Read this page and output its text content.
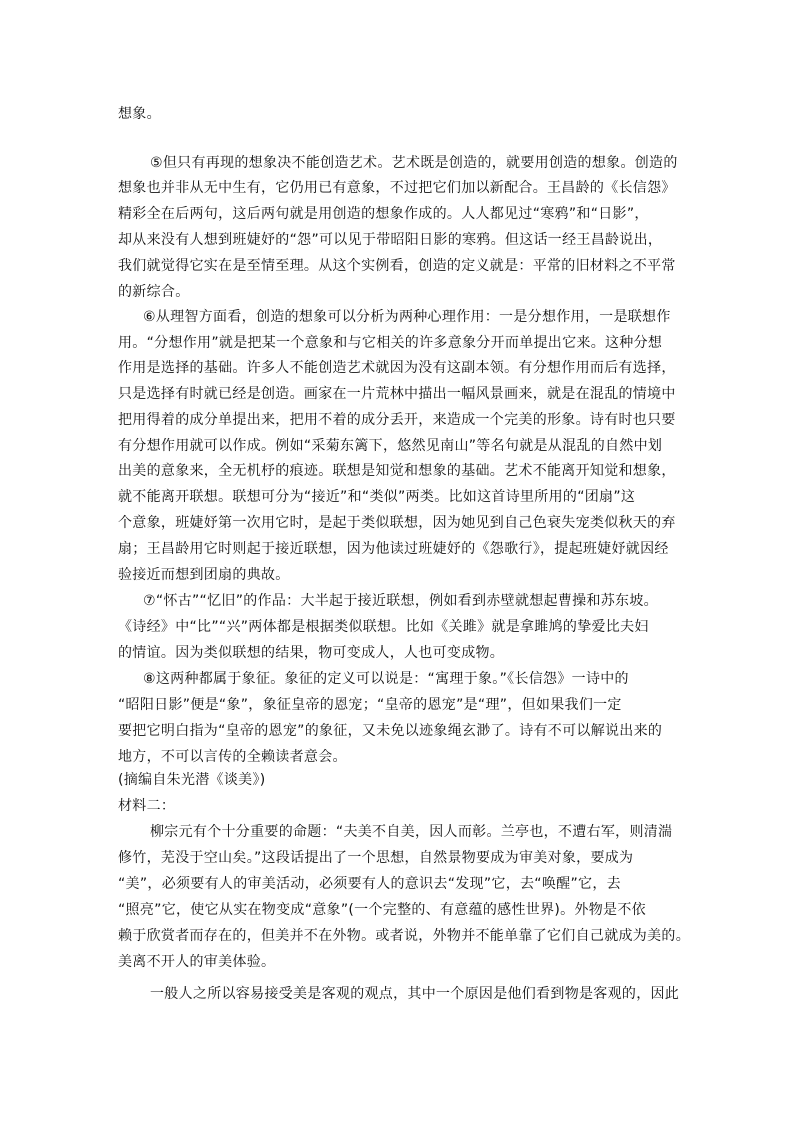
想象。
⑤但只有再现的想象决不能创造艺术。艺术既是创造的，就要用创造的想象。创造的
想象也并非从无中生有，它仍用已有意象，不过把它们加以新配合。王昌龄的《长信怨》
精彩全在后两句，这后两句就是用创造的想象作成的。人人都见过“寒鸦”和“日影”，
却从来没有人想到班婕妤的“怨”可以见于带昭阳日影的寒鸦。但这话一经王昌龄说出，
我们就觉得它实在是至情至理。从这个实例看，创造的定义就是：平常的旧材料之不平常
的新综合。
⑥从理智方面看，创造的想象可以分析为两种心理作用：一是分想作用，一是联想作
用。“分想作用”就是把某一个意象和与它相关的许多意象分开而单提出它来。这种分想
作用是选择的基础。许多人不能创造艺术就因为没有这副本领。有分想作用而后有选择，
只是选择有时就已经是创造。画家在一片荒林中描出一幅风景画来，就是在混乱的情境中
把用得着的成分单提出来，把用不着的成分丢开，来造成一个完美的形象。诗有时也只要
有分想作用就可以作成。例如“采菊东篱下，悠然见南山”等名句就是从混乱的自然中划
出美的意象来，全无机杼的痕迹。联想是知觉和想象的基础。艺术不能离开知觉和想象，
就不能离开联想。联想可分为“接近”和“类似”两类。比如这首诗里所用的“团扇”这
个意象，班婕妤第一次用它时，是起于类似联想，因为她见到自己色衰失宠类似秋天的弃
扇；王昌龄用它时则起于接近联想，因为他读过班婕妤的《怨歌行》，提起班婕妤就因经
验接近而想到团扇的典故。
⑦“怀古”“忆旧”的作品：大半起于接近联想，例如看到赤壁就想起曹操和苏东坡。
《诗经》中“比”“兴”两体都是根据类似联想。比如《关雎》就是拿雎鸠的挚爱比夫妇
的情谊。因为类似联想的结果，物可变成人，人也可变成物。
⑧这两种都属于象征。象征的定义可以说是：“寓理于象。”《长信怨》一诗中的
“昭阳日影”便是“象”，象征皇帝的恩宠；“皇帝的恩宠”是“理”，但如果我们一定
要把它明白指为“皇帝的恩宠”的象征，又未免以迹象绳玄渺了。诗有不可以解说出来的
地方，不可以言传的全赖读者意会。
(摘编自朱光潜《谈美》)
材料二：
柳宗元有个十分重要的命题：“夫美不自美，因人而彰。兰亭也，不遭右军，则清湍
修竹，芜没于空山矣。”这段话提出了一个思想，自然景物要成为审美对象，要成为
“美”，必须要有人的审美活动，必须要有人的意识去“发现”它，去“唤醒”它，去
“照亮”它，使它从实在物变成“意象”(一个完整的、有意蕴的感性世界)。外物是不依
赖于欣赏者而存在的，但美并不在外物。或者说，外物并不能单靠了它们自己就成为美的。
美离不开人的审美体验。
一般人之所以容易接受美是客观的观点，其中一个原因是他们看到物是客观的，因此
